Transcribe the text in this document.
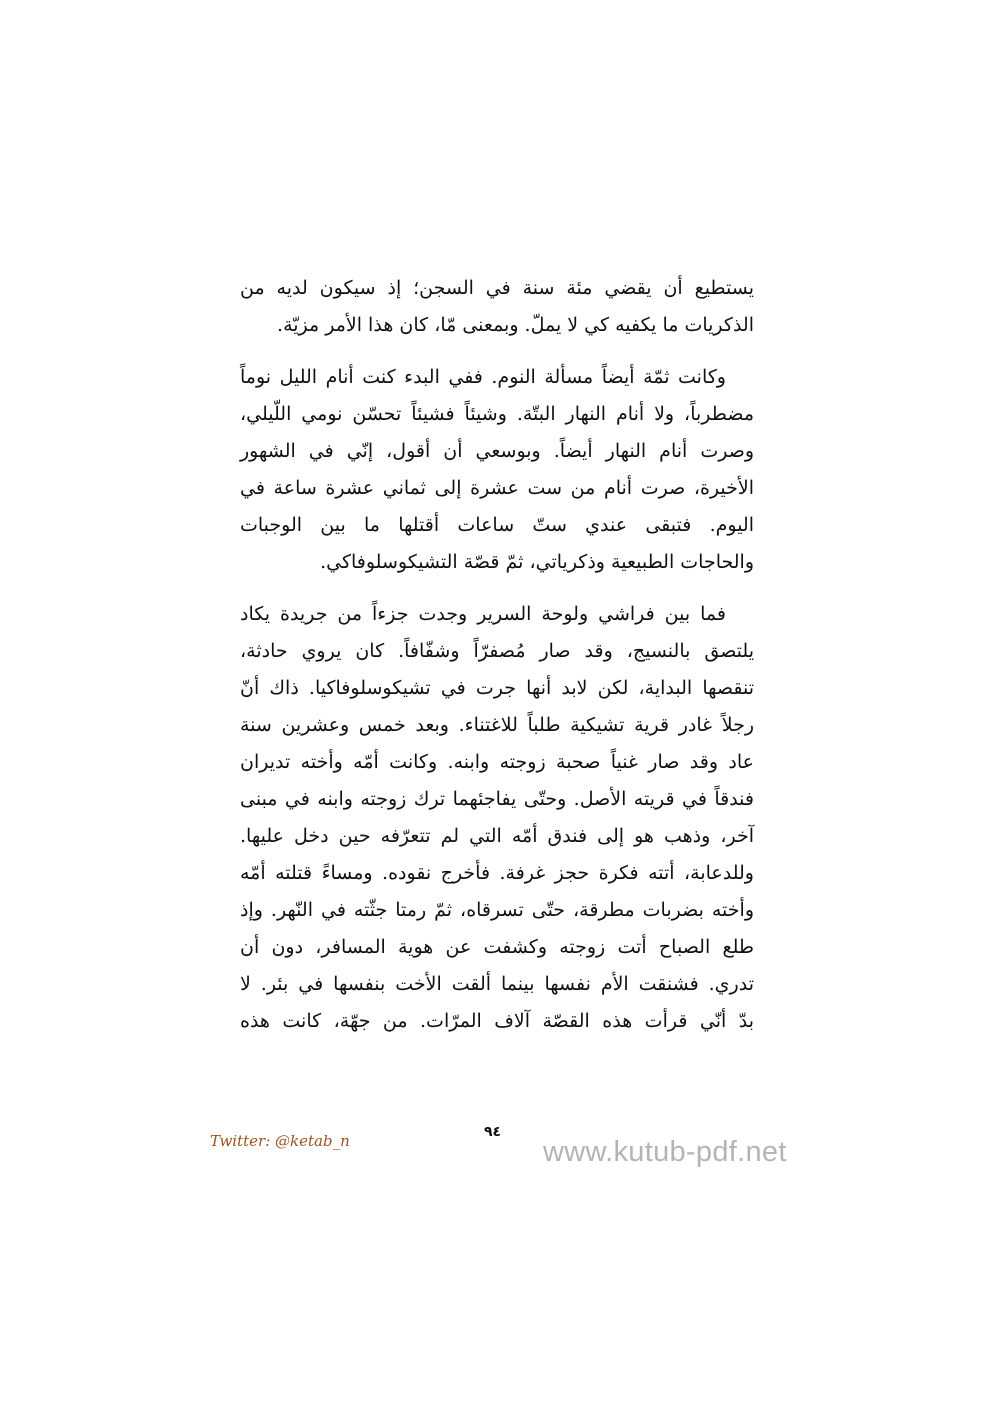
يستطيع أن يقضي مئة سنة في السجن؛ إذ سيكون لديه من
الذكريات ما يكفيه كي لا يملّ. وبمعنى مّا، كان هذا الأمر مزيّة.
وكانت ثمّة أيضاً مسألة النوم. ففي البدء كنت أنام الليل نوماً
مضطرباً، ولا أنام النهار البتّة. وشيئاً فشيئاً تحسّن نومي اللّيلي،
وصرت أنام النهار أيضاً. وبوسعي أن أقول، إنّي في الشهور
الأخيرة، صرت أنام من ست عشرة إلى ثماني عشرة ساعة في
اليوم. فتبقى عندي ستّ ساعات أقتلها ما بين الوجبات
والحاجات الطبيعية وذكرياتي، ثمّ قصّة التشيكوسلوفاكي.
فما بين فراشي ولوحة السرير وجدت جزءاً من جريدة يكاد
يلتصق بالنسيج، وقد صار مُصفرّاً وشفّافاً. كان يروي حادثة،
تنقصها البداية، لكن لابد أنها جرت في تشيكوسلوفاكيا. ذاك أنّ
رجلاً غادر قرية تشيكية طلباً للاغتناء. وبعد خمس وعشرين سنة
عاد وقد صار غنياً صحبة زوجته وابنه. وكانت أمّه وأخته تديران
فندقاً في قريته الأصل. وحتّى يفاجئهما ترك زوجته وابنه في مبنى
آخر، وذهب هو إلى فندق أمّه التي لم تتعرّفه حين دخل عليها.
وللدعابة، أتته فكرة حجز غرفة. فأخرج نقوده. ومساءً قتلته أمّه
وأخته بضربات مطرقة، حتّى تسرقاه، ثمّ رمتا جثّته في النّهر. وإذ
طلع الصباح أتت زوجته وكشفت عن هوية المسافر، دون أن
تدري. فشنقت الأم نفسها بينما ألقت الأخت بنفسها في بئر. لا
بدّ أنّي قرأت هذه القصّة آلاف المرّات. من جهّة، كانت هذه
Twitter: @ketab_n	٩٤
www.kutub-pdf.net
